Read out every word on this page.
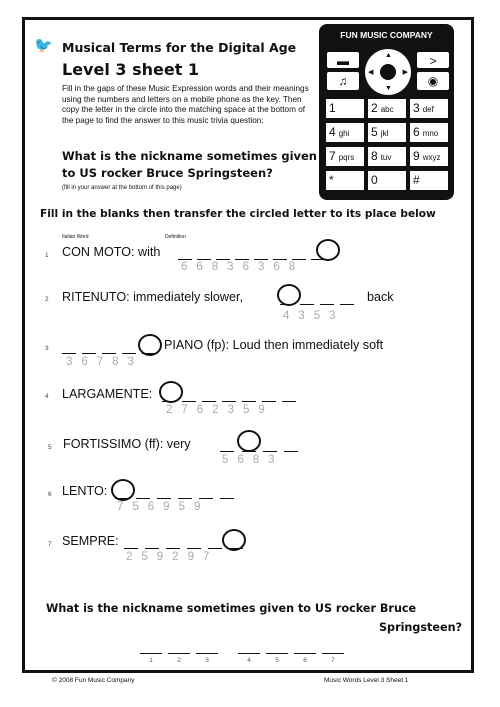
🐦 Musical Terms for the Digital Age
Level 3 sheet 1
Fill in the gaps of these Music Expression words and their meanings using the numbers and letters on a mobile phone as the key. Then copy the letter in the circle into the matching space at the bottom of the page to find the answer to this music trivia question:
What is the nickname sometimes given to US rocker Bruce Springsteen?
(fill in your answer at the bottom of this page)
FUN MUSIC COMPANY
▬
♫
▲
▼
◀	▶
>
◉
1	2 abc	3 def
4 ghi	5 jkl	6 mno
7 pqrs	8 tuv	9 wxyz
*	0	#
Fill in the blanks then transfer the circled letter to its place below
Italian Word	Definition
1 CON MOTO: with
66836368
2 RITENUTO: immediately slower,	back
4353
3	PIANO (fp): Loud then immediately soft
36783
4 LARGAMENTE:
2762359
5 FORTISSIMO (ff): very
5683
6 LENTO:
756959
7 SEMPRE:
259297
What is the nickname sometimes given to US rocker Bruce
Springsteen?
1	2	3	4	5	6	7
© 2008 Fun Music Company	Music Words Level 3 Sheet 1
